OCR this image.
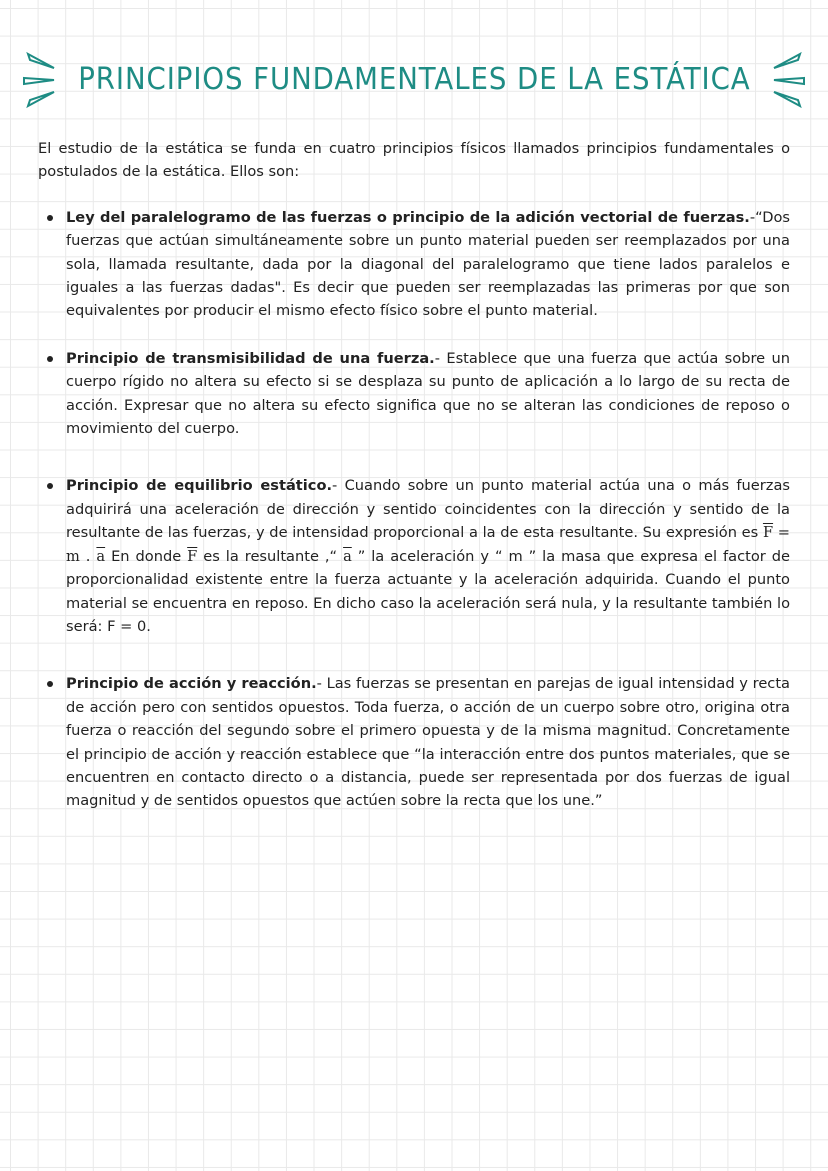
PRINCIPIOS FUNDAMENTALES DE LA ESTÁTICA

El estudio de la estática se funda en cuatro principios físicos llamados principios fundamentales o postulados de la estática. Ellos son:

Ley del paralelogramo de las fuerzas o principio de la adición vectorial de fuerzas.-“Dos fuerzas que actúan simultáneamente sobre un punto material pueden ser reemplazados por una sola, llamada resultante, dada por la diagonal del paralelogramo que tiene lados paralelos e iguales a las fuerzas dadas". Es decir que pueden ser reemplazadas las primeras por que son equivalentes por producir el mismo efecto físico sobre el punto material.
Principio de transmisibilidad de una fuerza.- Establece que una fuerza que actúa sobre un cuerpo rígido no altera su efecto si se desplaza su punto de aplicación a lo largo de su recta de acción. Expresar que no altera su efecto significa que no se alteran las condiciones de reposo o movimiento del cuerpo.
Principio de equilibrio estático.- Cuando sobre un punto material actúa una o más fuerzas adquirirá una aceleración de dirección y sentido coincidentes con la dirección y sentido de la resultante de las fuerzas, y de intensidad proporcional a la de esta resultante. Su expresión es $\overline{F} = m$ . $\overline{a}$ En donde $\overline{F}$ es la resultante ,“ $\overline{a}$ ” la aceleración y “ m ” la masa que expresa el factor de proporcionalidad existente entre la fuerza actuante y la aceleración adquirida. Cuando el punto material se encuentra en reposo. En dicho caso la aceleración será nula, y la resultante también lo será: F = 0.
Principio de acción y reacción.- Las fuerzas se presentan en parejas de igual intensidad y recta de acción pero con sentidos opuestos. Toda fuerza, o acción de un cuerpo sobre otro, origina otra fuerza o reacción del segundo sobre el primero opuesta y de la misma magnitud. Concretamente el principio de acción y reacción establece que “la interacción entre dos puntos materiales, que se encuentren en contacto directo o a distancia, puede ser representada por dos fuerzas de igual magnitud y de sentidos opuestos que actúen sobre la recta que los une.”
